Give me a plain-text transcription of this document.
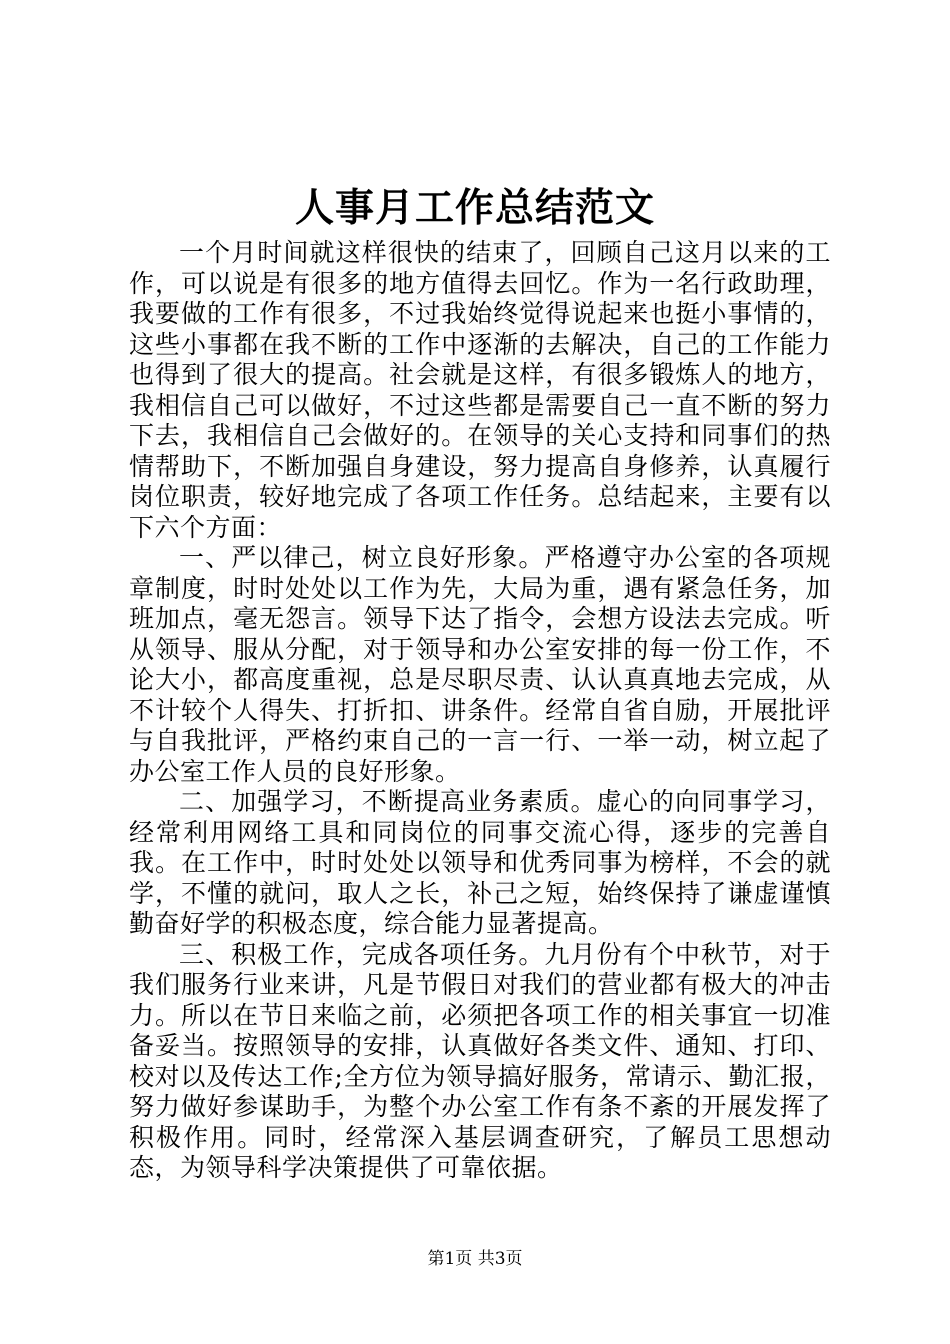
人事月工作总结范文

一个月时间就这样很快的结束了，回顾自己这月以来的工作，可以说是有很多的地方值得去回忆。作为一名行政助理，我要做的工作有很多，不过我始终觉得说起来也挺小事情的，这些小事都在我不断的工作中逐渐的去解决，自己的工作能力也得到了很大的提高。社会就是这样，有很多锻炼人的地方，我相信自己可以做好，不过这些都是需要自己一直不断的努力下去，我相信自己会做好的。在领导的关心支持和同事们的热情帮助下，不断加强自身建设，努力提高自身修养，认真履行岗位职责，较好地完成了各项工作任务。总结起来，主要有以下六个方面：

一、严以律己，树立良好形象。严格遵守办公室的各项规章制度，时时处处以工作为先，大局为重，遇有紧急任务，加班加点，毫无怨言。领导下达了指令，会想方设法去完成。听从领导、服从分配，对于领导和办公室安排的每一份工作，不论大小，都高度重视，总是尽职尽责、认认真真地去完成，从不计较个人得失、打折扣、讲条件。经常自省自励，开展批评与自我批评，严格约束自己的一言一行、一举一动，树立起了办公室工作人员的良好形象。

二、加强学习，不断提高业务素质。虚心的向同事学习，经常利用网络工具和同岗位的同事交流心得，逐步的完善自我。在工作中，时时处处以领导和优秀同事为榜样，不会的就学，不懂的就问，取人之长，补己之短，始终保持了谦虚谨慎勤奋好学的积极态度，综合能力显著提高。

三、积极工作，完成各项任务。九月份有个中秋节，对于我们服务行业来讲，凡是节假日对我们的营业都有极大的冲击力。所以在节日来临之前，必须把各项工作的相关事宜一切准备妥当。按照领导的安排，认真做好各类文件、通知、打印、校对以及传达工作;全方位为领导搞好服务，常请示、勤汇报，努力做好参谋助手，为整个办公室工作有条不紊的开展发挥了积极作用。同时，经常深入基层调查研究，了解员工思想动态，为领导科学决策提供了可靠依据。

第1页 共3页
